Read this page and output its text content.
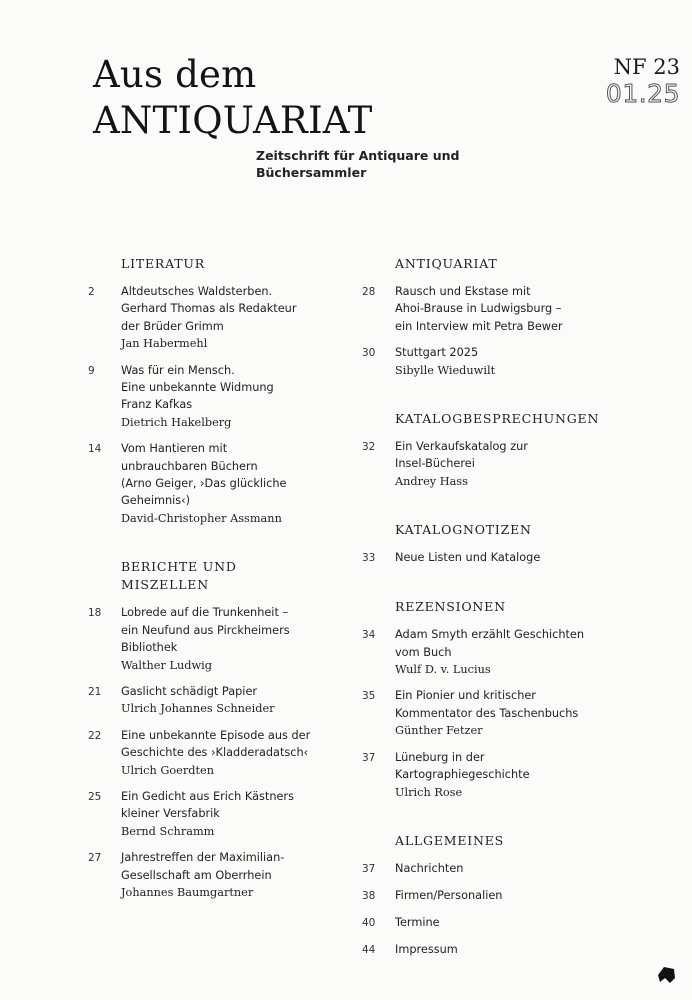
Aus dem
ANTIQUARIAT
Zeitschrift für Antiquare und
Büchersammler
NF 23
01.25
LITERATUR
2	Altdeutsches Waldsterben.
Gerhard Thomas als Redakteur
der Brüder Grimm
Jan Habermehl
9	Was für ein Mensch.
Eine unbekannte Widmung
Franz Kafkas
Dietrich Hakelberg
14	Vom Hantieren mit
unbrauchbaren Büchern
(Arno Geiger, ›Das glückliche
Geheimnis‹)
David-Christopher Assmann
BERICHTE UND
MISZELLEN
18	Lobrede auf die Trunkenheit –
ein Neufund aus Pirckheimers
Bibliothek
Walther Ludwig
21	Gaslicht schädigt Papier
Ulrich Johannes Schneider
22	Eine unbekannte Episode aus der
Geschichte des ›Kladderadatsch‹
Ulrich Goerdten
25	Ein Gedicht aus Erich Kästners
kleiner Versfabrik
Bernd Schramm
27	Jahrestreffen der Maximilian-
Gesellschaft am Oberrhein
Johannes Baumgartner
ANTIQUARIAT
28	Rausch und Ekstase mit
Ahoi-Brause in Ludwigsburg –
ein Interview mit Petra Bewer
30	Stuttgart 2025
Sibylle Wieduwilt
KATALOGBESPRECHUNGEN
32	Ein Verkaufskatalog zur
Insel-Bücherei
Andrey Hass
KATALOGNOTIZEN
33	Neue Listen und Kataloge
REZENSIONEN
34	Adam Smyth erzählt Geschichten
vom Buch
Wulf D. v. Lucius
35	Ein Pionier und kritischer
Kommentator des Taschenbuchs
Günther Fetzer
37	Lüneburg in der
Kartographiegeschichte
Ulrich Rose
ALLGEMEINES
37	Nachrichten
38	Firmen/Personalien
40	Termine
44	Impressum
